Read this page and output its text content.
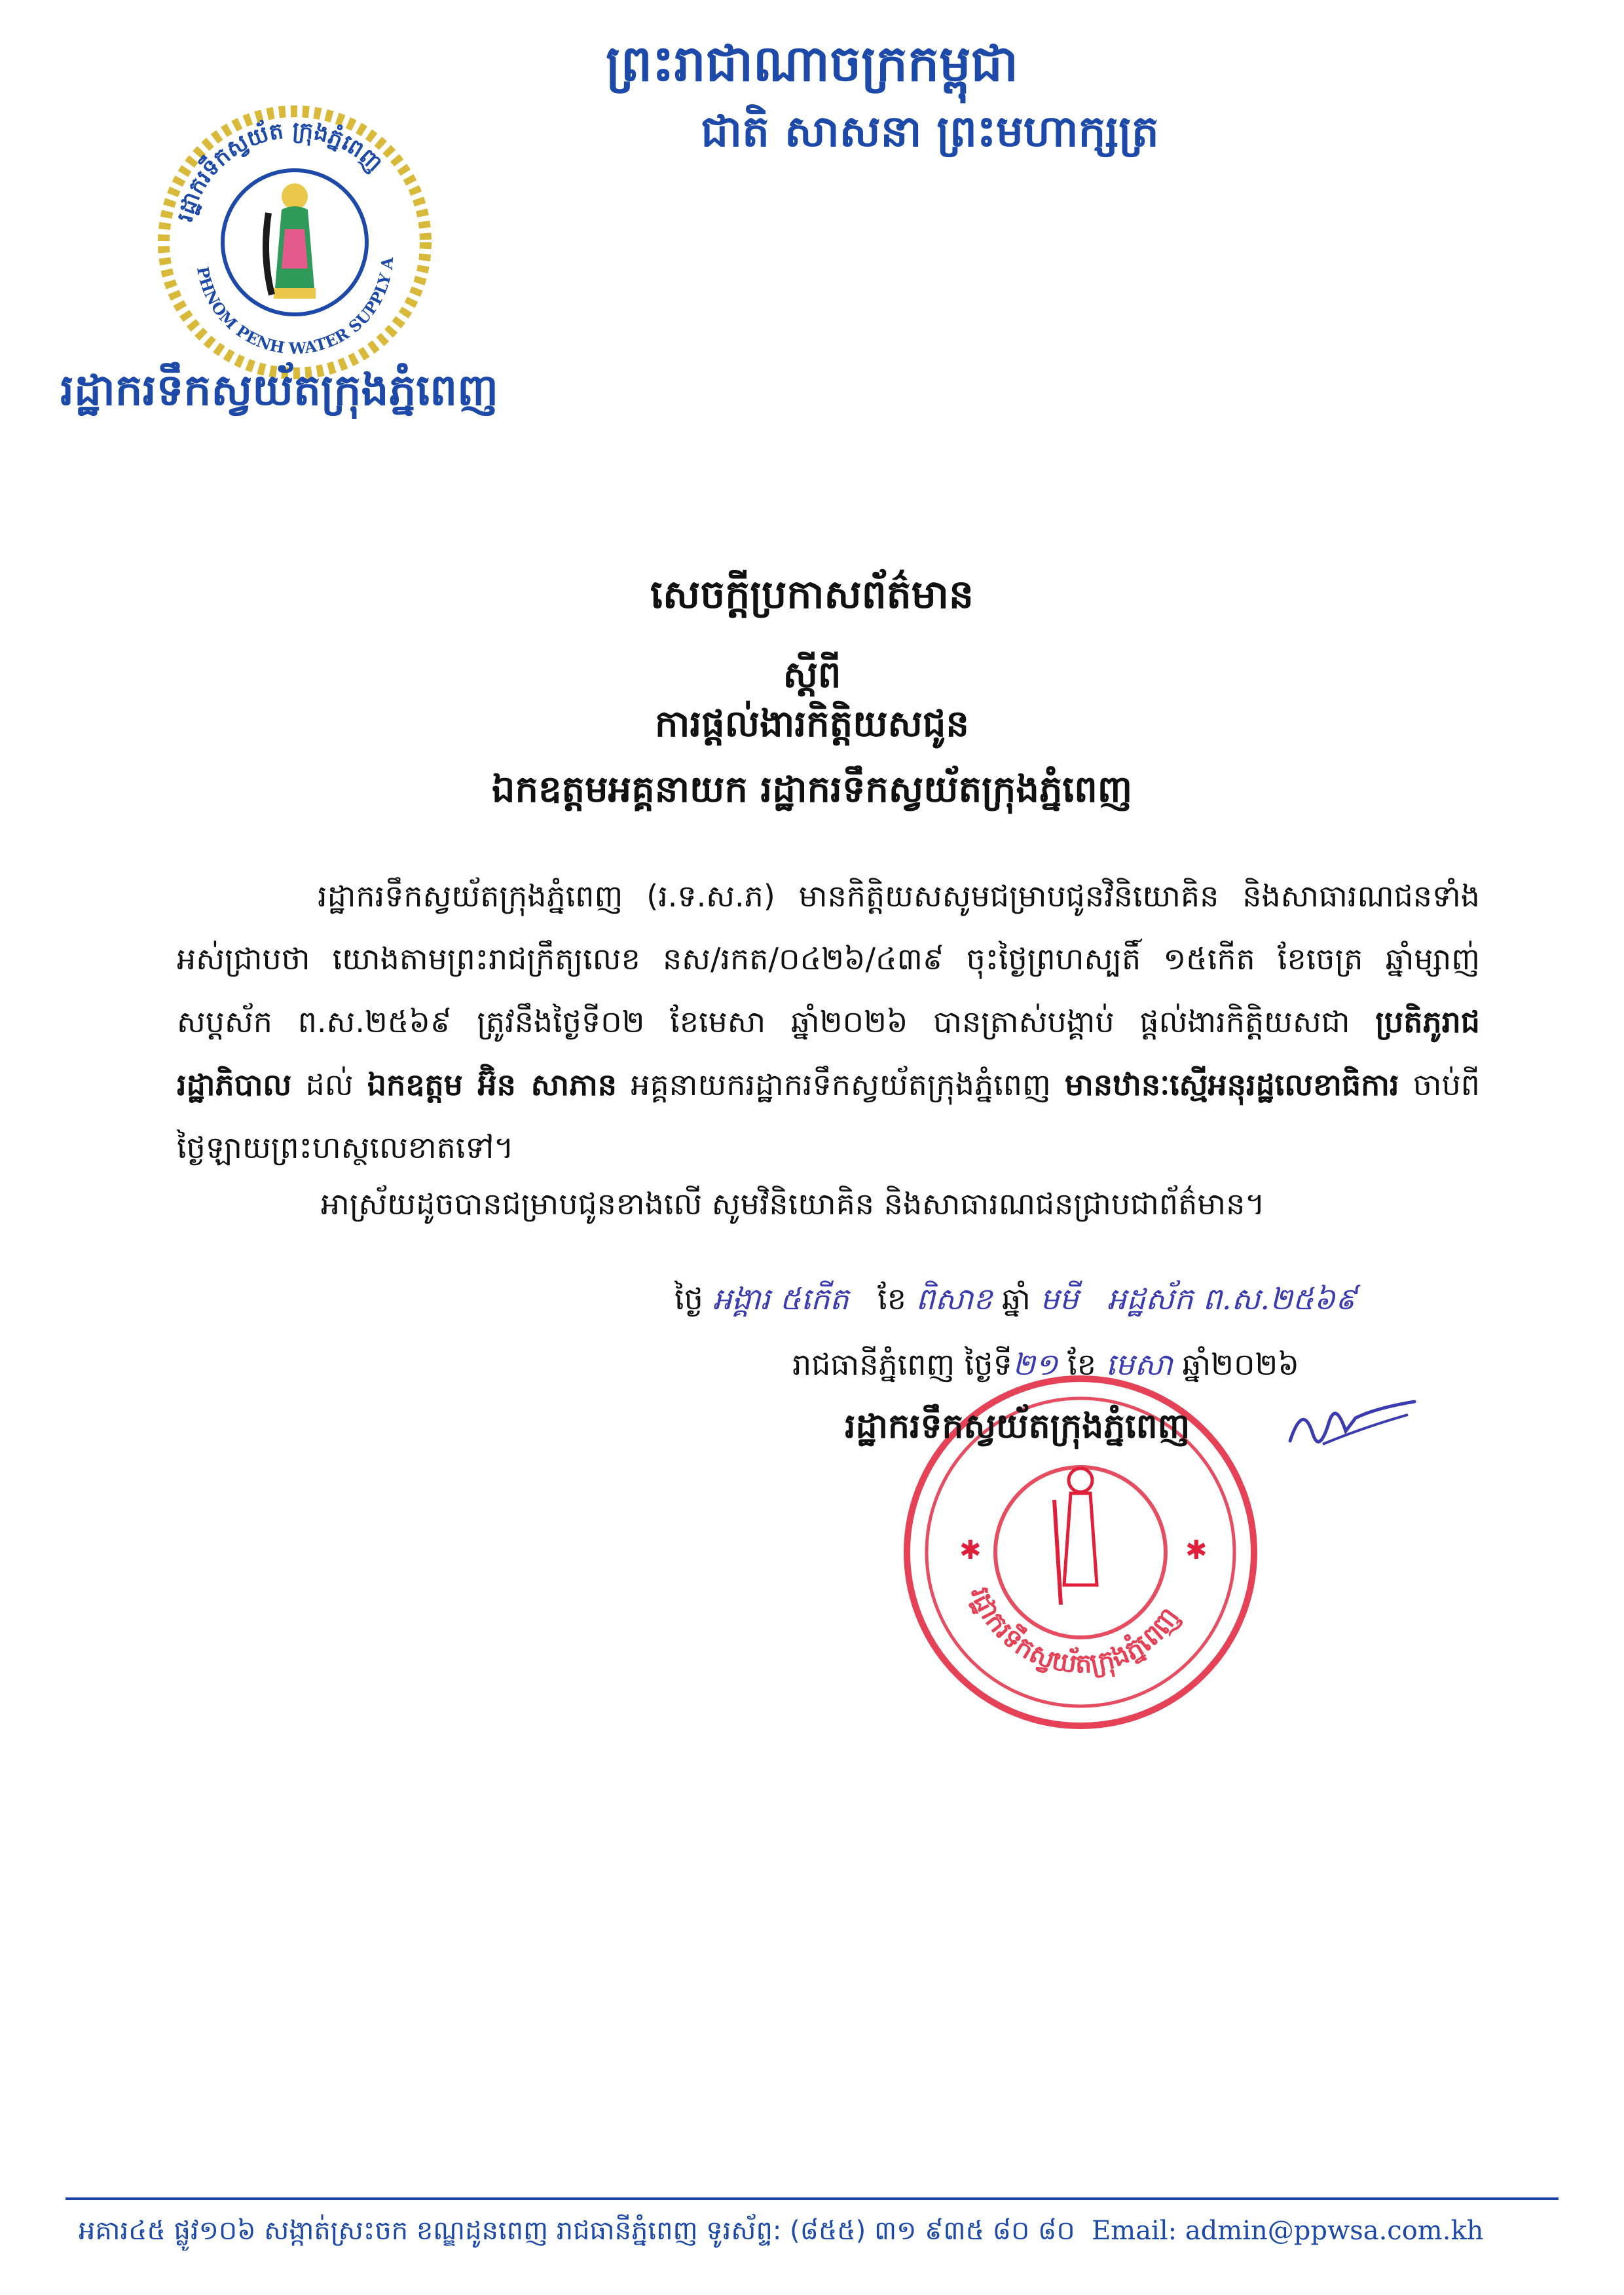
ព្រះរាជាណាចក្រកម្ពុជា
ជាតិ សាសនា ព្រះមហាក្សត្រ
រដ្ឋាករទឹកស្វយ័ត ក្រុងភ្នំពេញ
PHNOM PENH WATER SUPPLY A
រដ្ឋាករទឹកស្វយ័តក្រុងភ្នំពេញ
សេចក្ដីប្រកាសព័ត៌មាន
ស្ដីពី
ការផ្ដល់ងារកិត្តិយសជូន
ឯកឧត្ដមអគ្គនាយក រដ្ឋាករទឹកស្វយ័តក្រុងភ្នំពេញ
រដ្ឋាករទឹកស្វយ័តក្រុងភ្នំពេញ (រ.ទ.ស.ភ) មានកិត្តិយសសូមជម្រាបជូនវិនិយោគិន និងសាធារណជនទាំងអស់ជ្រាបថា យោងតាមព្រះរាជក្រឹត្យលេខ នស/រកត/០៤២៦/៤៣៩ ចុះថ្ងៃព្រហស្បតិ៍ ១៥កើត ខែចេត្រ ឆ្នាំម្សាញ់ សប្តស័ក ព.ស.២៥៦៩ ត្រូវនឹងថ្ងៃទី០២ ខែមេសា ឆ្នាំ២០២៦ បានត្រាស់បង្គាប់ ផ្តល់ងារកិត្តិយសជា ប្រតិភូរាជរដ្ឋាភិបាល ដល់ ឯកឧត្តម អ៊ិន សាភាន អគ្គនាយករដ្ឋាករទឹកស្វយ័តក្រុងភ្នំពេញ មានឋានៈស្មើអនុរដ្ឋលេខាធិការ ចាប់ពីថ្ងៃឡាយព្រះហស្ថលេខាតទៅ។
អាស្រ័យដូចបានជម្រាបជូនខាងលើ សូមវិនិយោគិន និងសាធារណជនជ្រាបជាព័ត៌មាន។
ថ្ងៃ អង្គារ ៥កើត ខែ ពិសាខ ឆ្នាំ មមី អដ្ឋស័ក ព.ស.២៥៦៩
រាជធានីភ្នំពេញ ថ្ងៃទី២១ ខែ មេសា ឆ្នាំ២០២៦
រដ្ឋាករទឹកស្វយ័តក្រុងភ្នំពេញ
✱	✱
រដ្ឋាករទឹកស្វយ័តក្រុងភ្នំពេញ
អគារ៤៥ ផ្លូវ១០៦ សង្កាត់ស្រះចក ខណ្ឌដូនពេញ រាជធានីភ្នំពេញ ទូរស័ព្ទ: (៨៥៥) ៣១ ៩៣៥ ៨០ ៨០ Email: admin@ppwsa.com.kh
